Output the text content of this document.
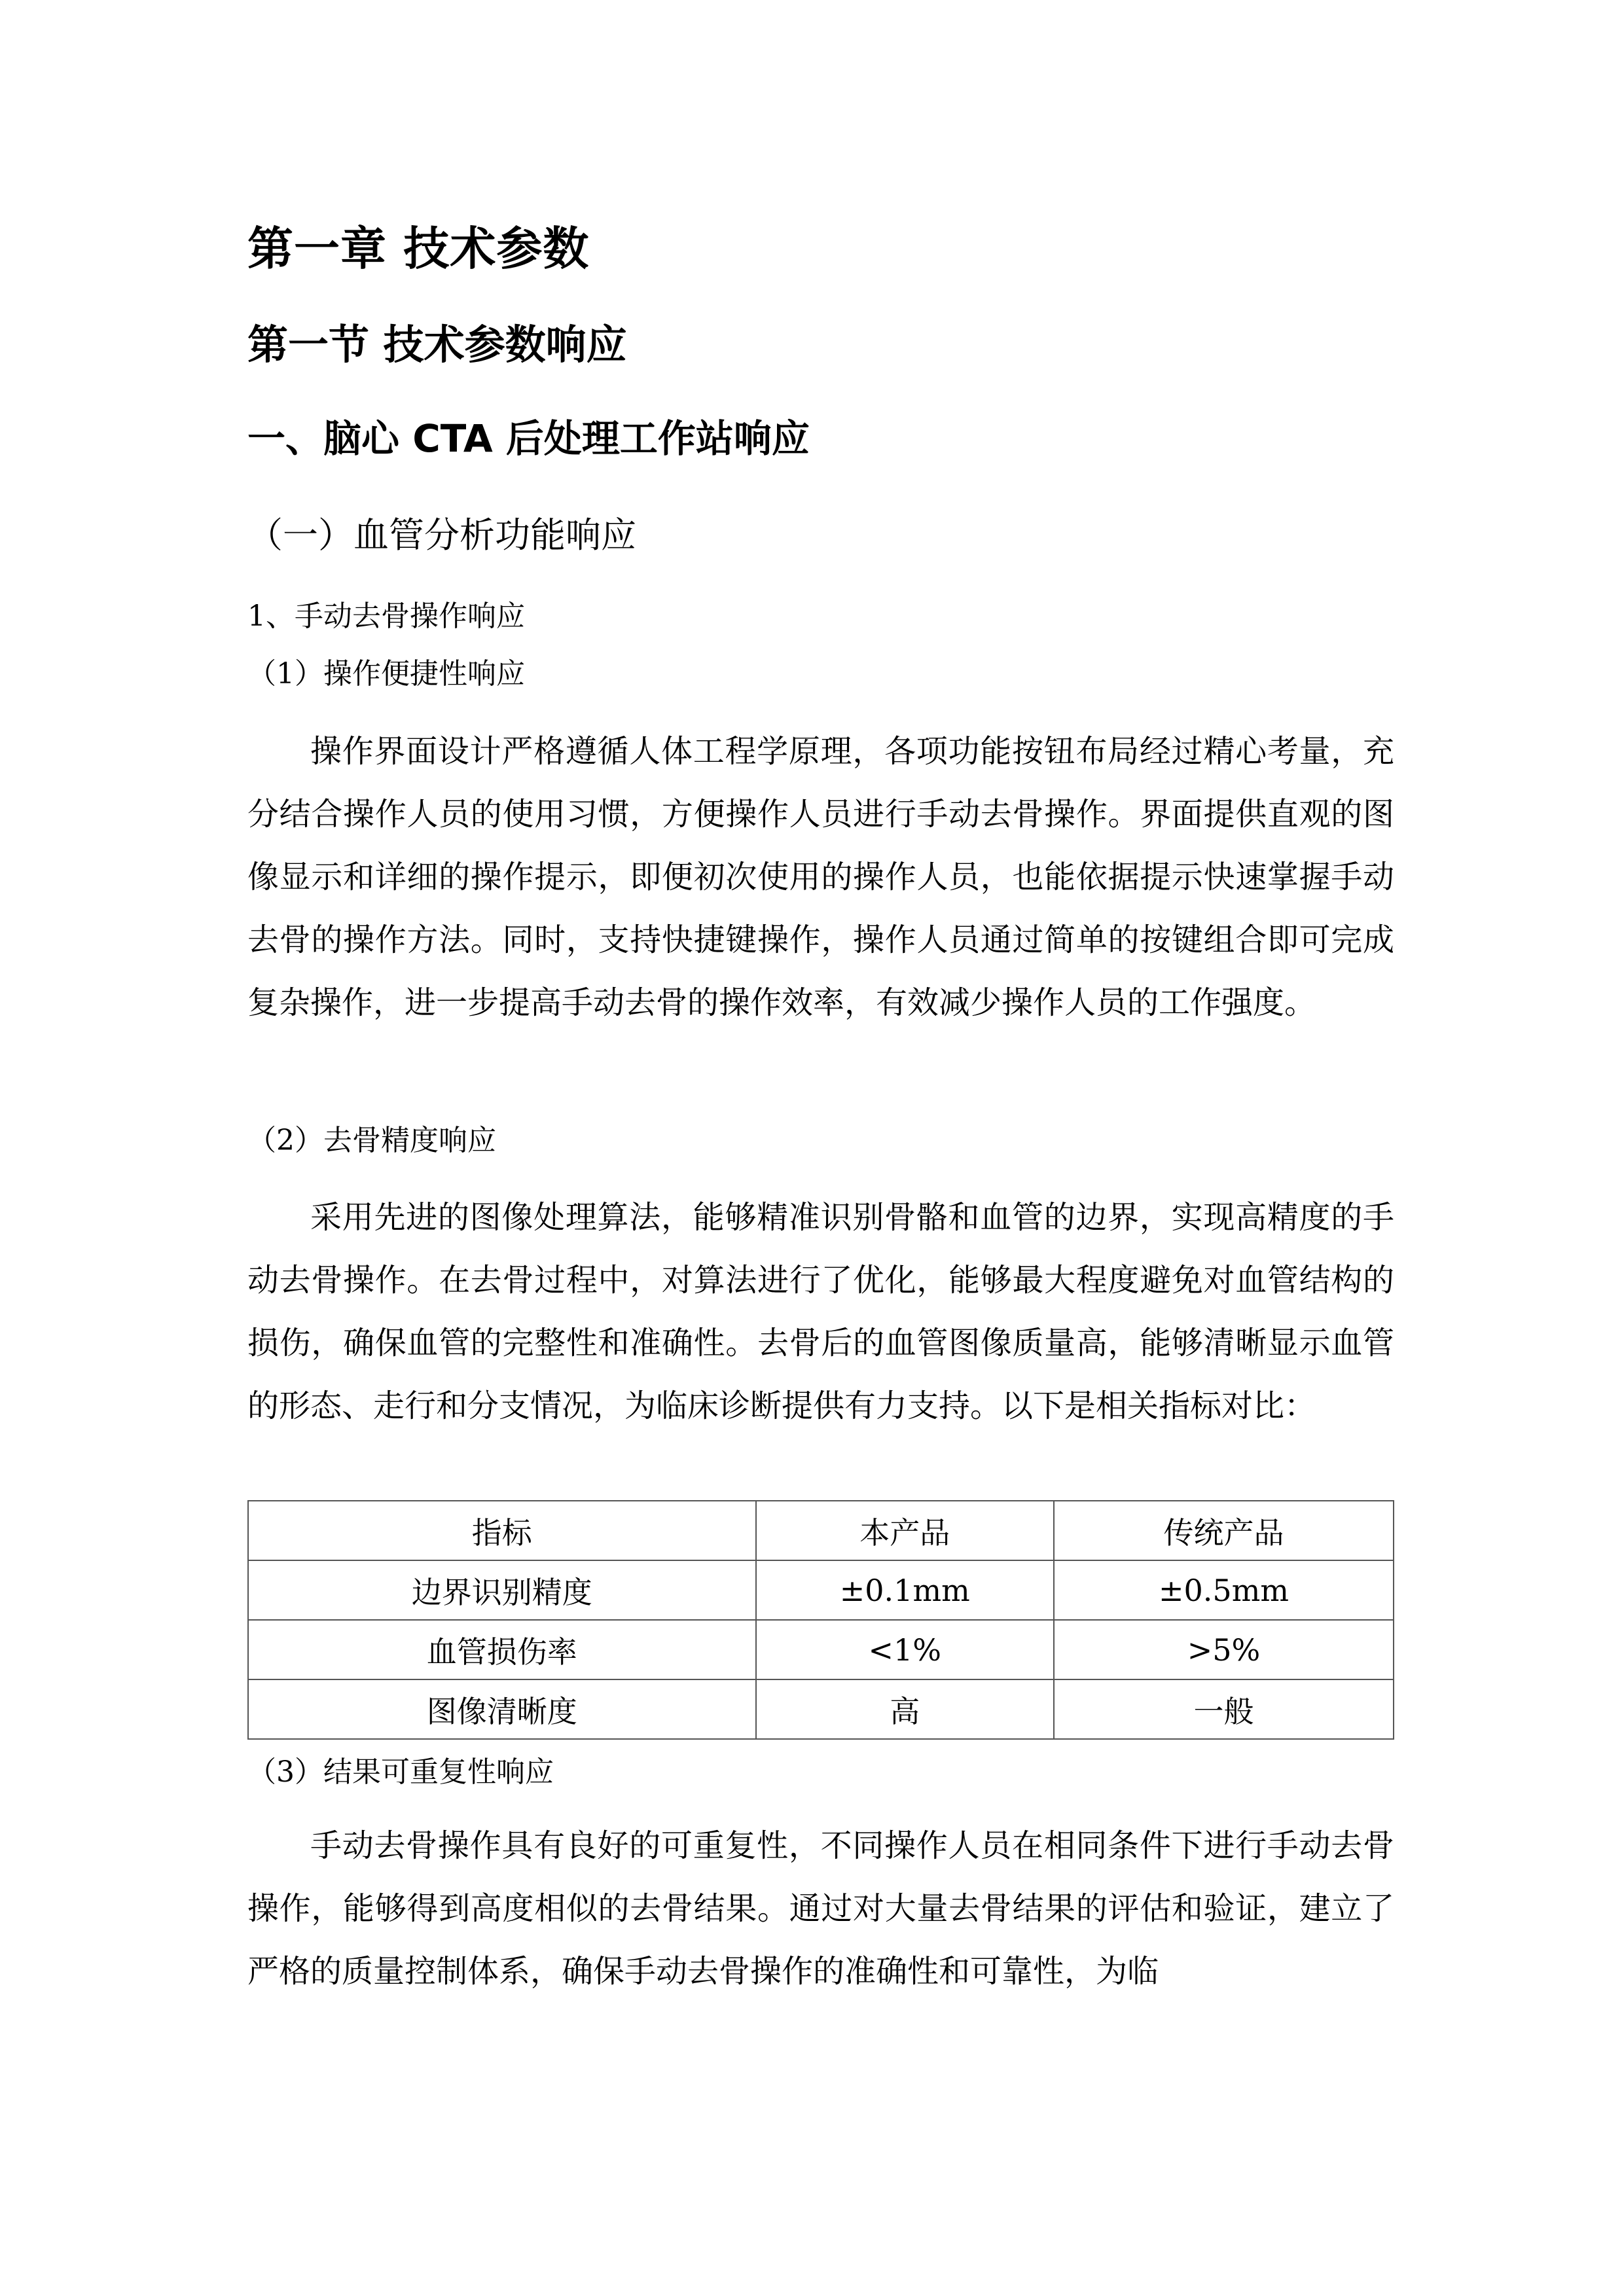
第一章 技术参数
第一节 技术参数响应
一、脑心 CTA 后处理工作站响应
（一）血管分析功能响应
1、手动去骨操作响应
（1）操作便捷性响应

操作界面设计严格遵循人体工程学原理，各项功能按钮布局经过精心考量，充分结合操作人员的使用习惯，方便操作人员进行手动去骨操作。界面提供直观的图像显示和详细的操作提示，即便初次使用的操作人员，也能依据提示快速掌握手动去骨的操作方法。同时，支持快捷键操作，操作人员通过简单的按键组合即可完成复杂操作，进一步提高手动去骨的操作效率，有效减少操作人员的工作强度。

（2）去骨精度响应

采用先进的图像处理算法，能够精准识别骨骼和血管的边界，实现高精度的手动去骨操作。在去骨过程中，对算法进行了优化，能够最大程度避免对血管结构的损伤，确保血管的完整性和准确性。去骨后的血管图像质量高，能够清晰显示血管的形态、走行和分支情况，为临床诊断提供有力支持。以下是相关指标对比：

指标	本产品	传统产品
边界识别精度	±0.1mm	±0.5mm
血管损伤率	<1%	>5%
图像清晰度	高	一般
（3）结果可重复性响应

手动去骨操作具有良好的可重复性，不同操作人员在相同条件下进行手动去骨操作，能够得到高度相似的去骨结果。通过对大量去骨结果的评估和验证，建立了严格的质量控制体系，确保手动去骨操作的准确性和可靠性，为临
